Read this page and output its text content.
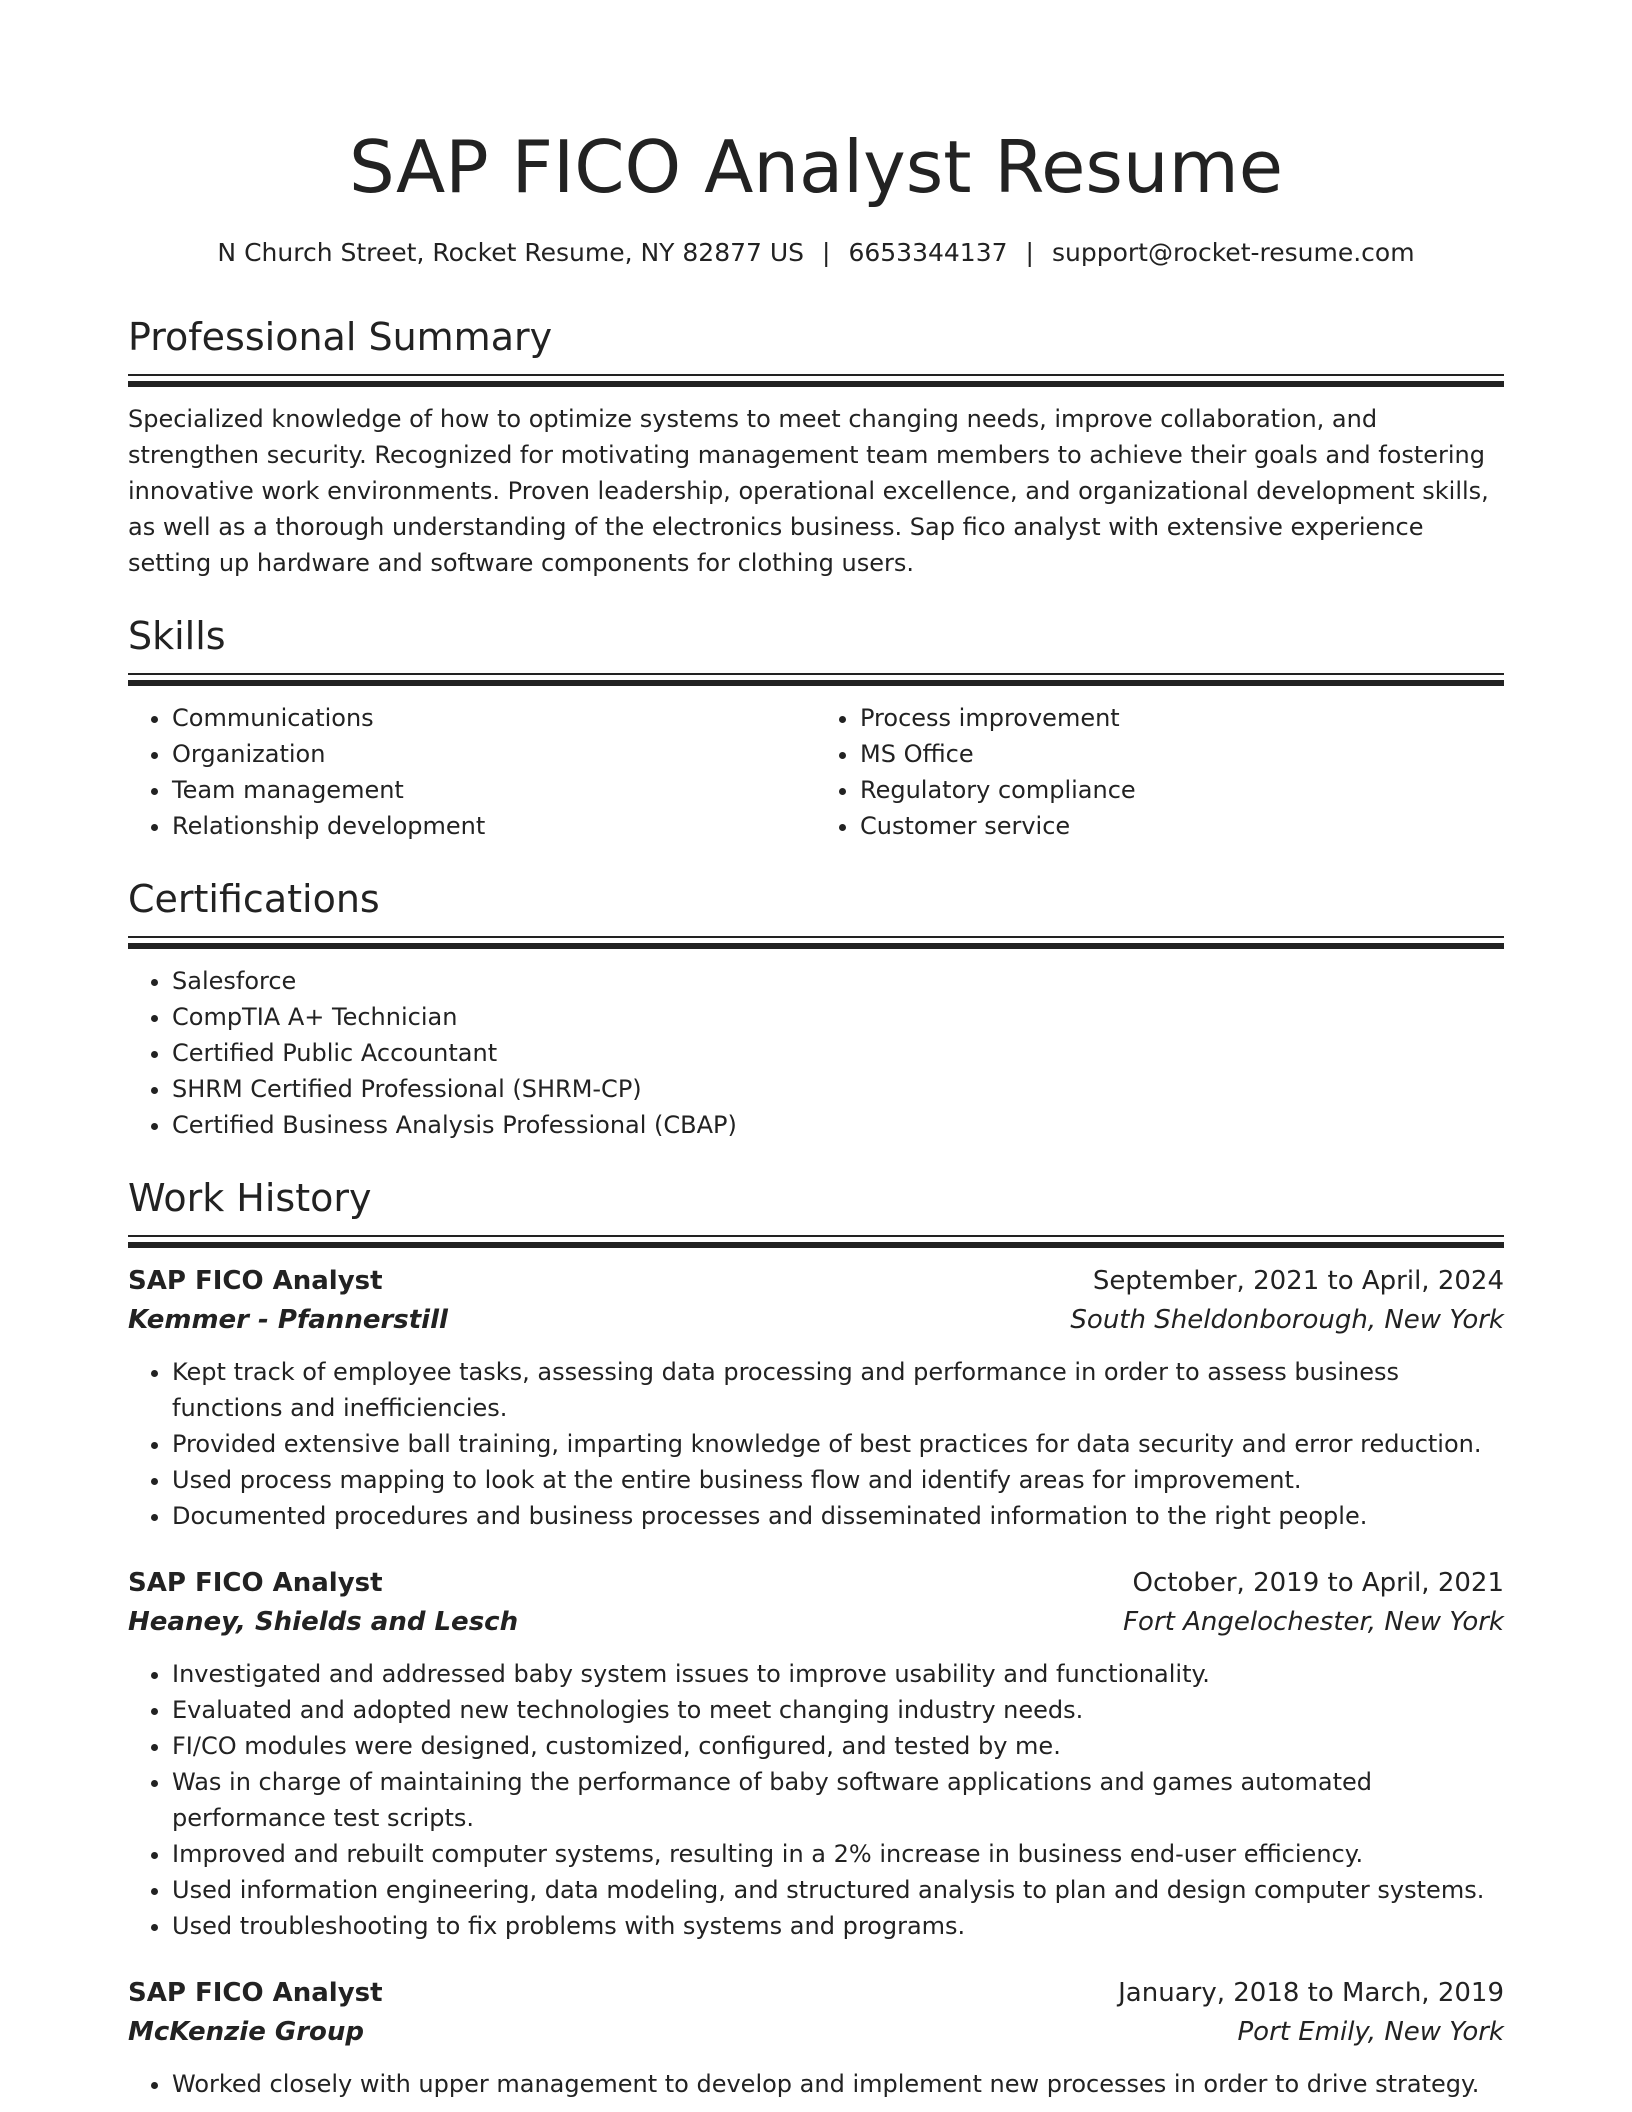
SAP FICO Analyst Resume
N Church Street, Rocket Resume, NY 82877 US | 6653344137 | support@rocket-resume.com
Professional Summary

Specialized knowledge of how to optimize systems to meet changing needs, improve collaboration, and strengthen security. Recognized for motivating management team members to achieve their goals and fostering innovative work environments. Proven leadership, operational excellence, and organizational development skills, as well as a thorough understanding of the electronics business. Sap fico analyst with extensive experience setting up hardware and software components for clothing users.

Skills
• Communications
• Organization
• Team management
• Relationship development
• Process improvement
• MS Office
• Regulatory compliance
• Customer service
Certifications
• Salesforce
• CompTIA A+ Technician
• Certified Public Accountant
• SHRM Certified Professional (SHRM-CP)
• Certified Business Analysis Professional (CBAP)
Work History
SAP FICO Analyst	September, 2021 to April, 2024
Kemmer - Pfannerstill	South Sheldonborough, New York
• Kept track of employee tasks, assessing data processing and performance in order to assess business functions and inefficiencies.
• Provided extensive ball training, imparting knowledge of best practices for data security and error reduction.
• Used process mapping to look at the entire business flow and identify areas for improvement.
• Documented procedures and business processes and disseminated information to the right people.
SAP FICO Analyst	October, 2019 to April, 2021
Heaney, Shields and Lesch	Fort Angelochester, New York
• Investigated and addressed baby system issues to improve usability and functionality.
• Evaluated and adopted new technologies to meet changing industry needs.
• FI/CO modules were designed, customized, configured, and tested by me.
• Was in charge of maintaining the performance of baby software applications and games automated performance test scripts.
• Improved and rebuilt computer systems, resulting in a 2% increase in business end-user efficiency.
• Used information engineering, data modeling, and structured analysis to plan and design computer systems.
• Used troubleshooting to fix problems with systems and programs.
SAP FICO Analyst	January, 2018 to March, 2019
McKenzie Group	Port Emily, New York
• Worked closely with upper management to develop and implement new processes in order to drive strategy.
